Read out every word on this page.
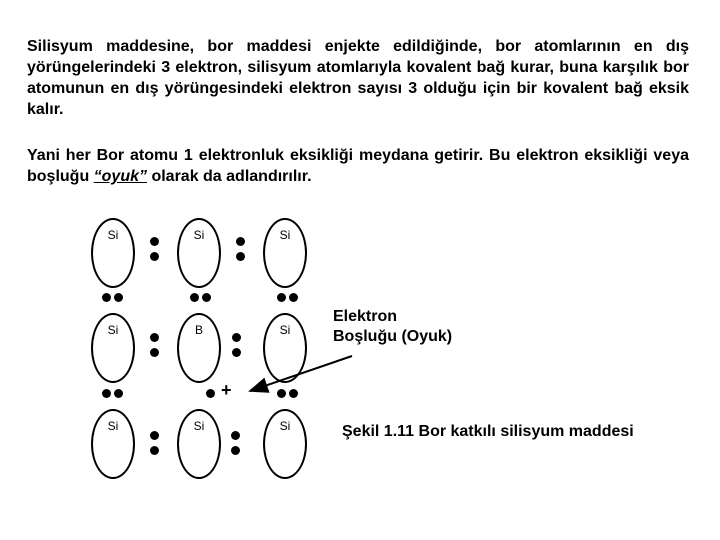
Silisyum maddesine, bor maddesi enjekte edildiğinde, bor atomlarının en dış yörüngelerindeki 3 elektron, silisyum atomlarıyla kovalent bağ kurar, buna karşılık bor atomunun en dış yörüngesindeki elektron sayısı 3 olduğu için bir kovalent bağ eksik kalır.

Yani her Bor atomu 1 elektronluk eksikliği meydana getirir. Bu elektron eksikliği veya boşluğu “oyuk” olarak da adlandırılır.

Si	Si	Si
Si	B	Si
Si	Si	Si
+
Elektron
Boşluğu (Oyuk)

Şekil 1.11 Bor katkılı silisyum maddesi
